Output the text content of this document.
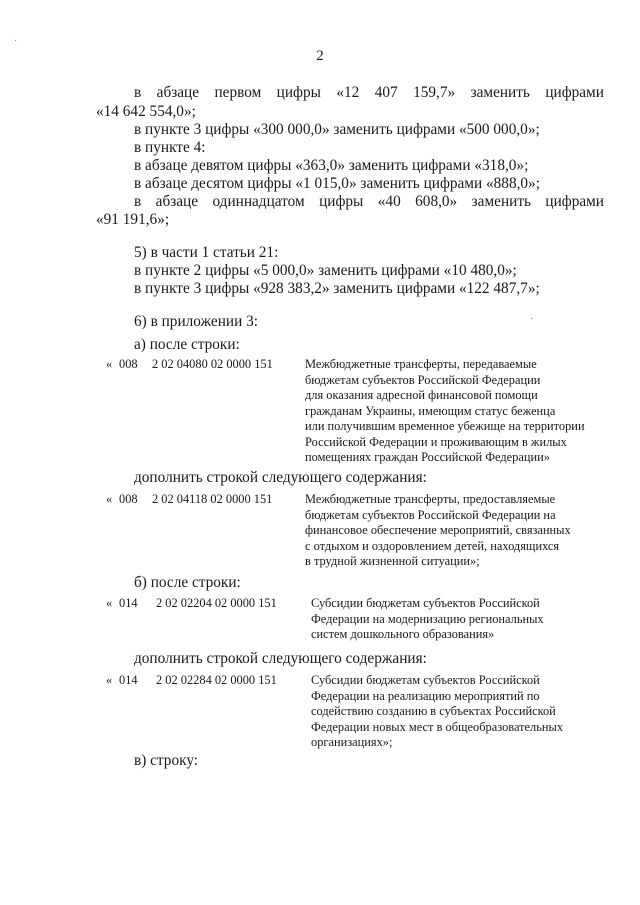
2
в абзаце первом цифры «12 407 159,7» заменить цифрами
«14 642 554,0»;
в пункте 3 цифры «300 000,0» заменить цифрами «500 000,0»;
в пункте 4:
в абзаце девятом цифры «363,0» заменить цифрами «318,0»;
в абзаце десятом цифры «1 015,0» заменить цифрами «888,0»;
в абзаце одиннадцатом цифры «40 608,0» заменить цифрами
«91 191,6»;
5) в части 1 статьи 21:
в пункте 2 цифры «5 000,0» заменить цифрами «10 480,0»;
в пункте 3 цифры «928 383,2» заменить цифрами «122 487,7»;
6) в приложении 3:
а) после строки:
« 008 2 02 04080 02 0000 151	Межбюджетные трансферты, передаваемые
бюджетам субъектов Российской Федерации
для оказания адресной финансовой помощи
гражданам Украины, имеющим статус беженца
или получившим временное убежище на территории
Российской Федерации и проживающим в жилых
помещениях граждан Российской Федерации»
дополнить строкой следующего содержания:
« 008 2 02 04118 02 0000 151	Межбюджетные трансферты, предоставляемые
бюджетам субъектов Российской Федерации на
финансовое обеспечение мероприятий, связанных
с отдыхом и оздоровлением детей, находящихся
в трудной жизненной ситуации»;
б) после строки:
« 014 2 02 02204 02 0000 151	Субсидии бюджетам субъектов Российской
Федерации на модернизацию региональных
систем дошкольного образования»
дополнить строкой следующего содержания:
« 014 2 02 02284 02 0000 151	Субсидии бюджетам субъектов Российской
Федерации на реализацию мероприятий по
содействию созданию в субъектах Российской
Федерации новых мест в общеобразовательных
организациях»;
в) строку:
·
·
